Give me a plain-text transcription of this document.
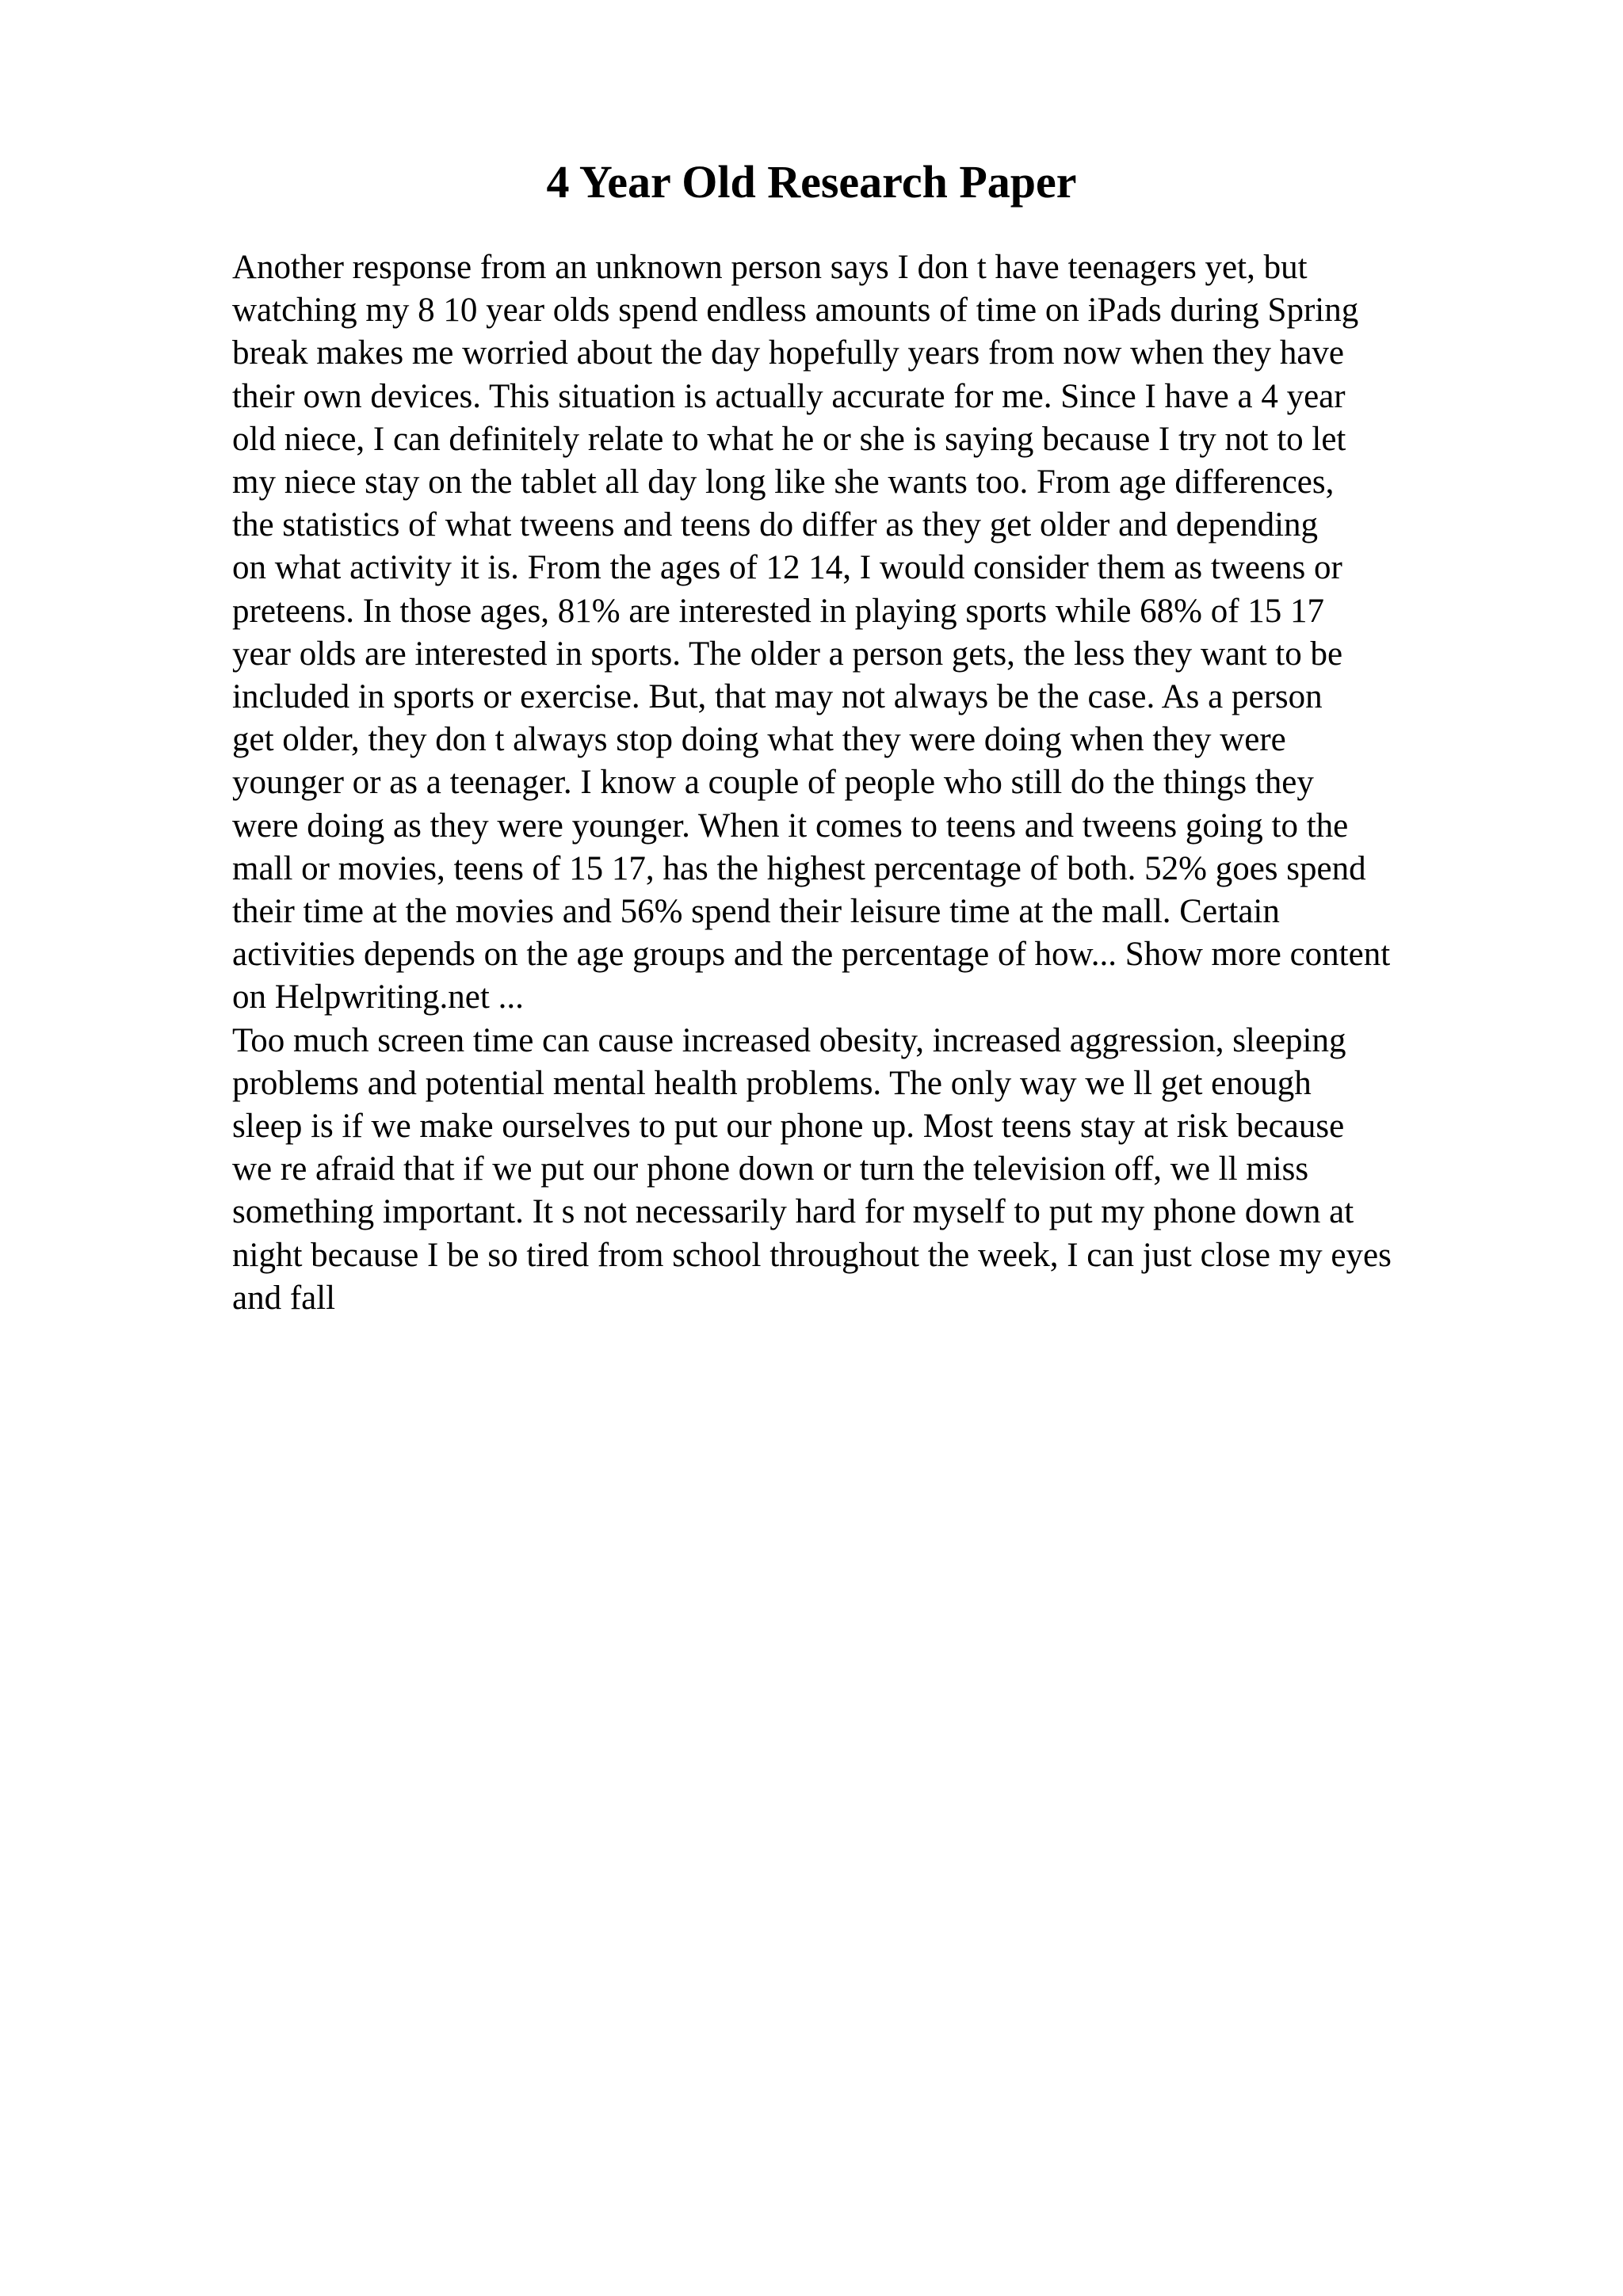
4 Year Old Research Paper
Another response from an unknown person says I don t have teenagers yet, but
watching my 8 10 year olds spend endless amounts of time on iPads during Spring
break makes me worried about the day hopefully years from now when they have
their own devices. This situation is actually accurate for me. Since I have a 4 year
old niece, I can definitely relate to what he or she is saying because I try not to let
my niece stay on the tablet all day long like she wants too. From age differences,
the statistics of what tweens and teens do differ as they get older and depending
on what activity it is. From the ages of 12 14, I would consider them as tweens or
preteens. In those ages, 81% are interested in playing sports while 68% of 15 17
year olds are interested in sports. The older a person gets, the less they want to be
included in sports or exercise. But, that may not always be the case. As a person
get older, they don t always stop doing what they were doing when they were
younger or as a teenager. I know a couple of people who still do the things they
were doing as they were younger. When it comes to teens and tweens going to the
mall or movies, teens of 15 17, has the highest percentage of both. 52% goes spend
their time at the movies and 56% spend their leisure time at the mall. Certain
activities depends on the age groups and the percentage of how... Show more content
on Helpwriting.net ...
Too much screen time can cause increased obesity, increased aggression, sleeping
problems and potential mental health problems. The only way we ll get enough
sleep is if we make ourselves to put our phone up. Most teens stay at risk because
we re afraid that if we put our phone down or turn the television off, we ll miss
something important. It s not necessarily hard for myself to put my phone down at
night because I be so tired from school throughout the week, I can just close my eyes
and fall
